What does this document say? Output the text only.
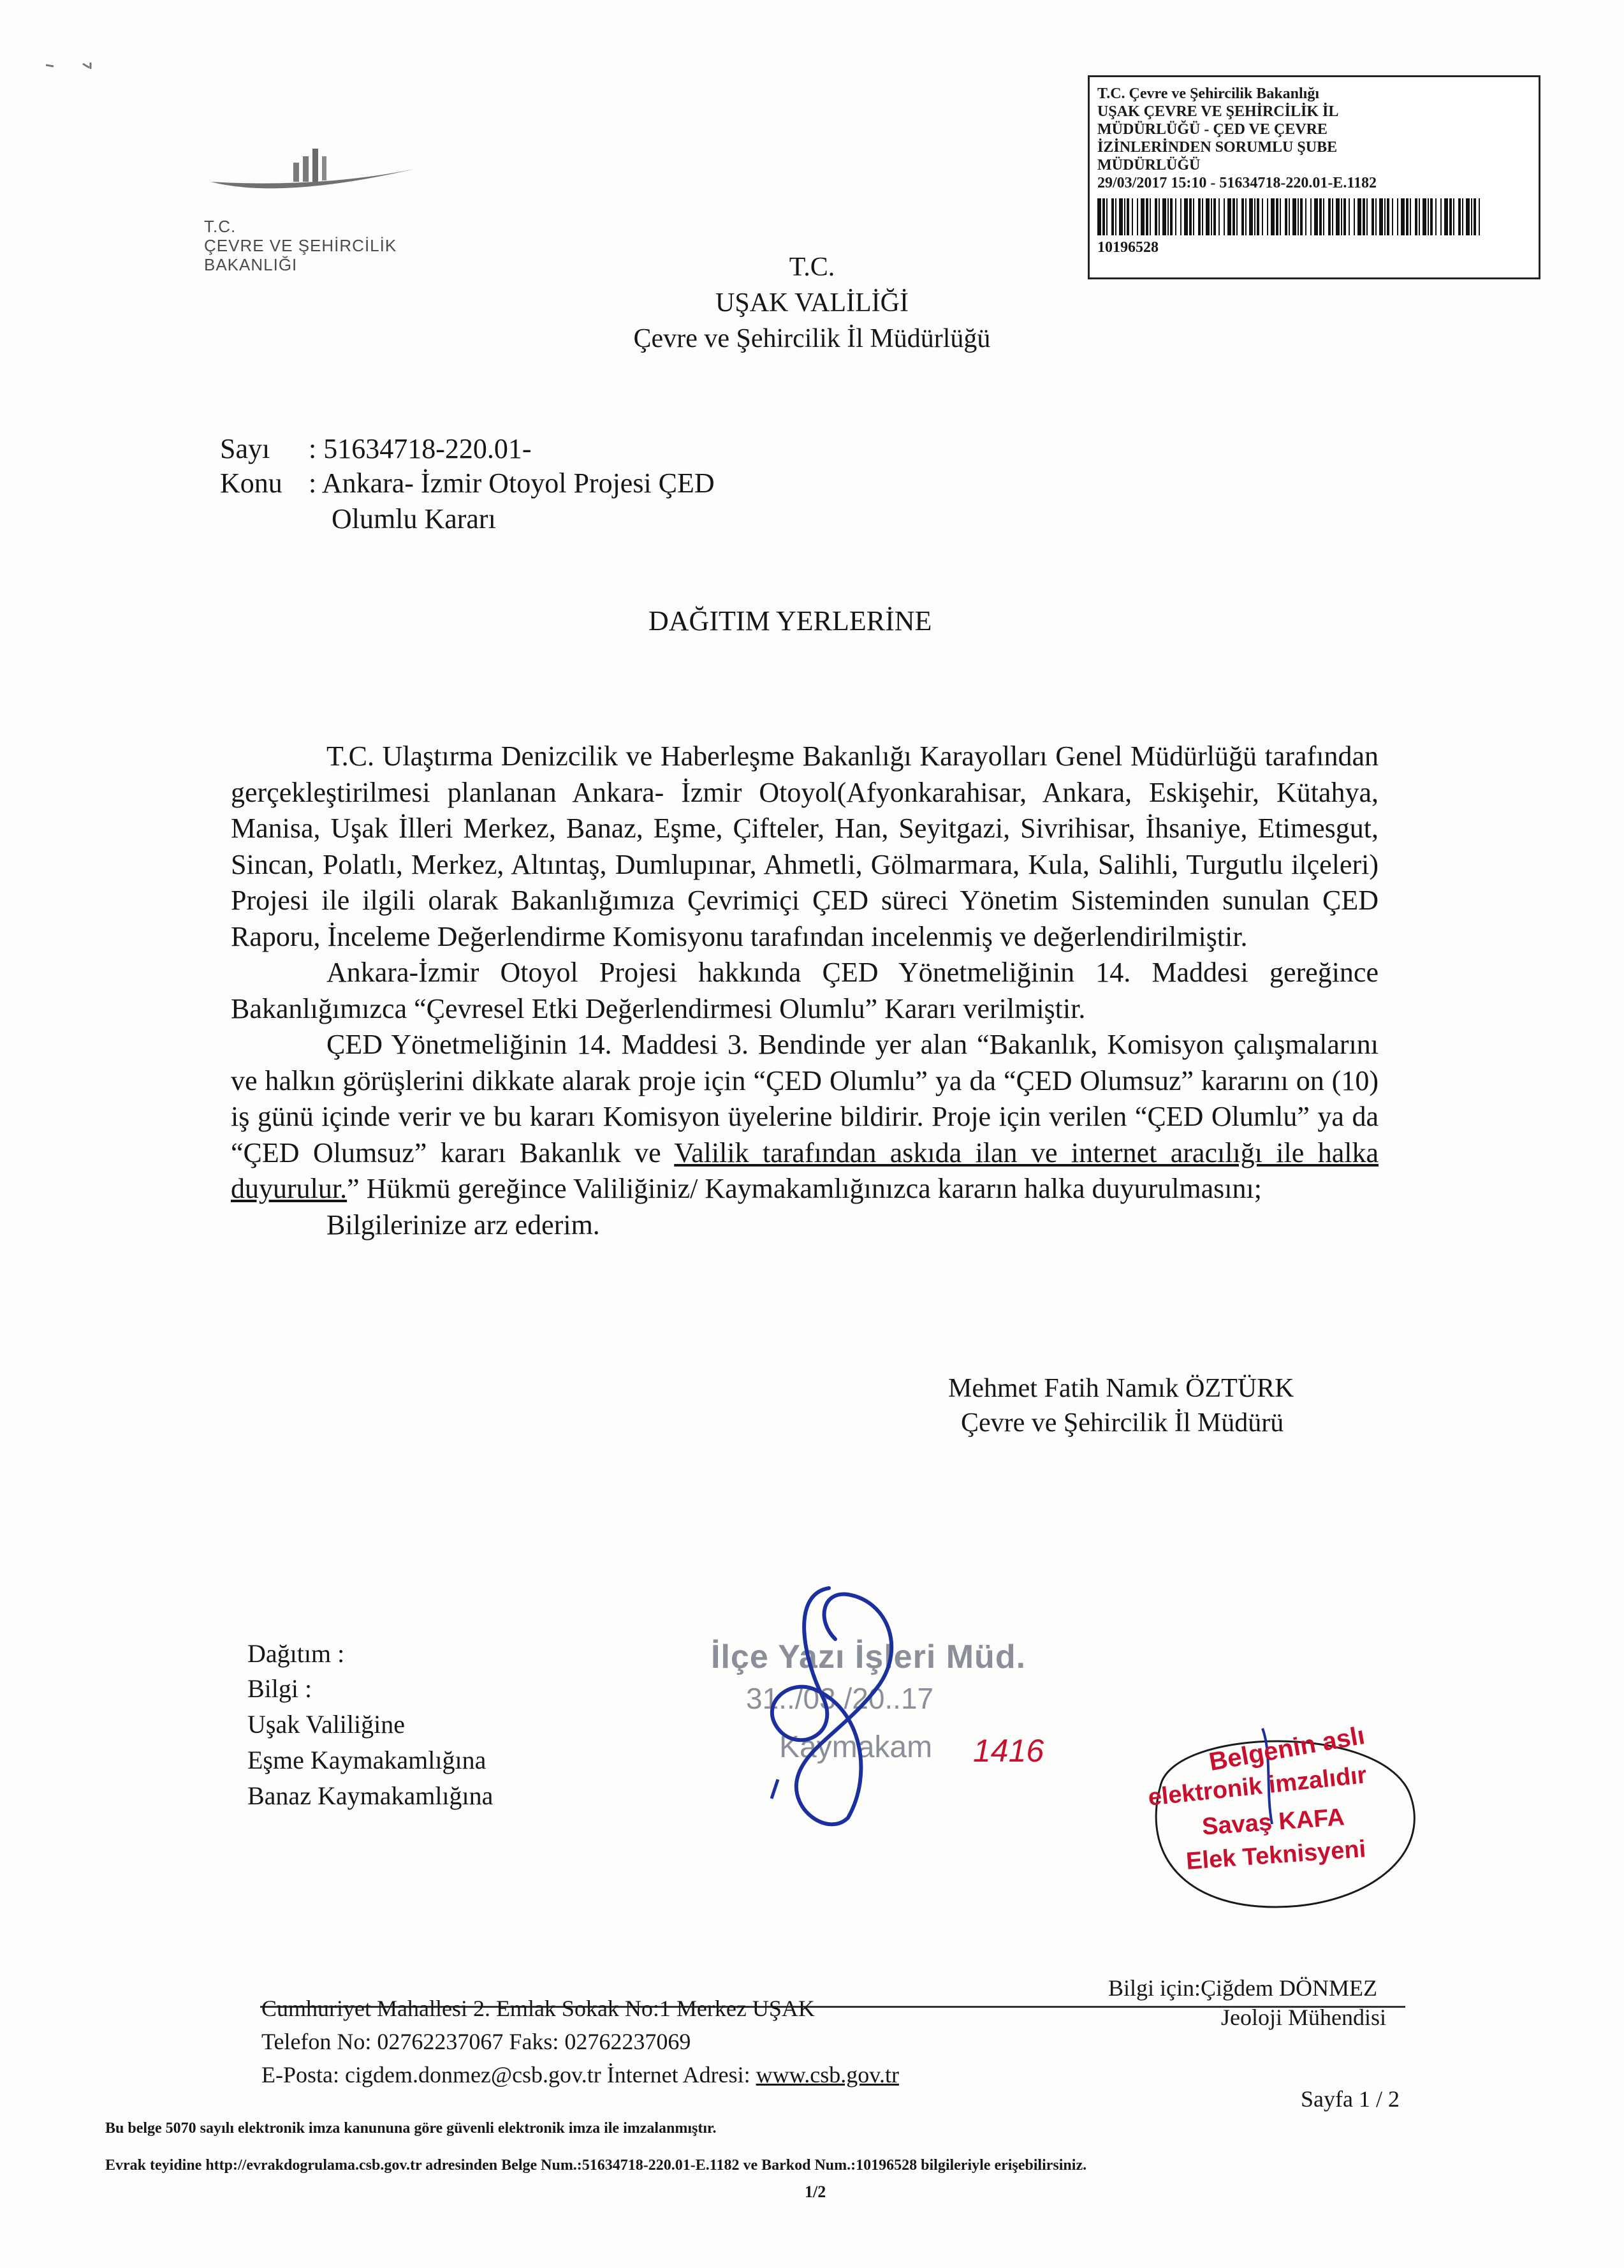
T.C.
ÇEVRE VE ŞEHİRCİLİK
BAKANLIĞI
T.C. Çevre ve Şehircilik Bakanlığı
UŞAK ÇEVRE VE ŞEHİRCİLİK İL
MÜDÜRLÜĞÜ - ÇED VE ÇEVRE
İZİNLERİNDEN SORUMLU ŞUBE
MÜDÜRLÜĞÜ
29/03/2017 15:10 - 51634718-220.01-E.1182
10196528
T.C.
UŞAK VALİLİĞİ
Çevre ve Şehircilik İl Müdürlüğü
Sayı : 51634718-220.01-
Konu : Ankara- İzmir Otoyol Projesi ÇED
Olumlu Kararı
DAĞITIM YERLERİNE

T.C. Ulaştırma Denizcilik ve Haberleşme Bakanlığı Karayolları Genel Müdürlüğü tarafından gerçekleştirilmesi planlanan Ankara- İzmir Otoyol(Afyonkarahisar, Ankara, Eskişehir, Kütahya, Manisa, Uşak İlleri Merkez, Banaz, Eşme, Çifteler, Han, Seyitgazi, Sivrihisar, İhsaniye, Etimesgut, Sincan, Polatlı, Merkez, Altıntaş, Dumlupınar, Ahmetli, Gölmarmara, Kula, Salihli, Turgutlu ilçeleri) Projesi ile ilgili olarak Bakanlığımıza Çevrimiçi ÇED süreci Yönetim Sisteminden sunulan ÇED Raporu, İnceleme Değerlendirme Komisyonu tarafından incelenmiş ve değerlendirilmiştir.

Ankara-İzmir Otoyol Projesi hakkında ÇED Yönetmeliğinin 14. Maddesi gereğince Bakanlığımızca “Çevresel Etki Değerlendirmesi Olumlu” Kararı verilmiştir.

ÇED Yönetmeliğinin 14. Maddesi 3. Bendinde yer alan “Bakanlık, Komisyon çalışmalarını ve halkın görüşlerini dikkate alarak proje için “ÇED Olumlu” ya da “ÇED Olumsuz” kararını on (10) iş günü içinde verir ve bu kararı Komisyon üyelerine bildirir. Proje için verilen “ÇED Olumlu” ya da “ÇED Olumsuz” kararı Bakanlık ve Valilik tarafından askıda ilan ve internet aracılığı ile halka duyurulur.” Hükmü gereğince Valiliğiniz/ Kaymakamlığınızca kararın halka duyurulmasını;

Bilgilerinize arz ederim.

Mehmet Fatih Namık ÖZTÜRK
Çevre ve Şehircilik İl Müdürü
Dağıtım :
Bilgi :
Uşak Valiliğine
Eşme Kaymakamlığına
Banaz Kaymakamlığına
İlçe Yazı İşleri Müd.
31../03./20..17
Kaymakam 1416	Belgenin aslı
elektronik imzalıdır
Savaş KAFA
Elek Teknisyeni
Cumhuriyet Mahallesi 2. Emlak Sokak No:1 Merkez UŞAK
Telefon No: 02762237067 Faks: 02762237069
E-Posta: cigdem.donmez@csb.gov.tr İnternet Adresi: www.csb.gov.tr
Bilgi için:Çiğdem DÖNMEZ
Jeoloji Mühendisi
Sayfa 1 / 2
Bu belge 5070 sayılı elektronik imza kanununa göre güvenli elektronik imza ile imzalanmıştır.
Evrak teyidine http://evrakdogrulama.csb.gov.tr adresinden Belge Num.:51634718-220.01-E.1182 ve Barkod Num.:10196528 bilgileriyle erişebilirsiniz.
1/2
